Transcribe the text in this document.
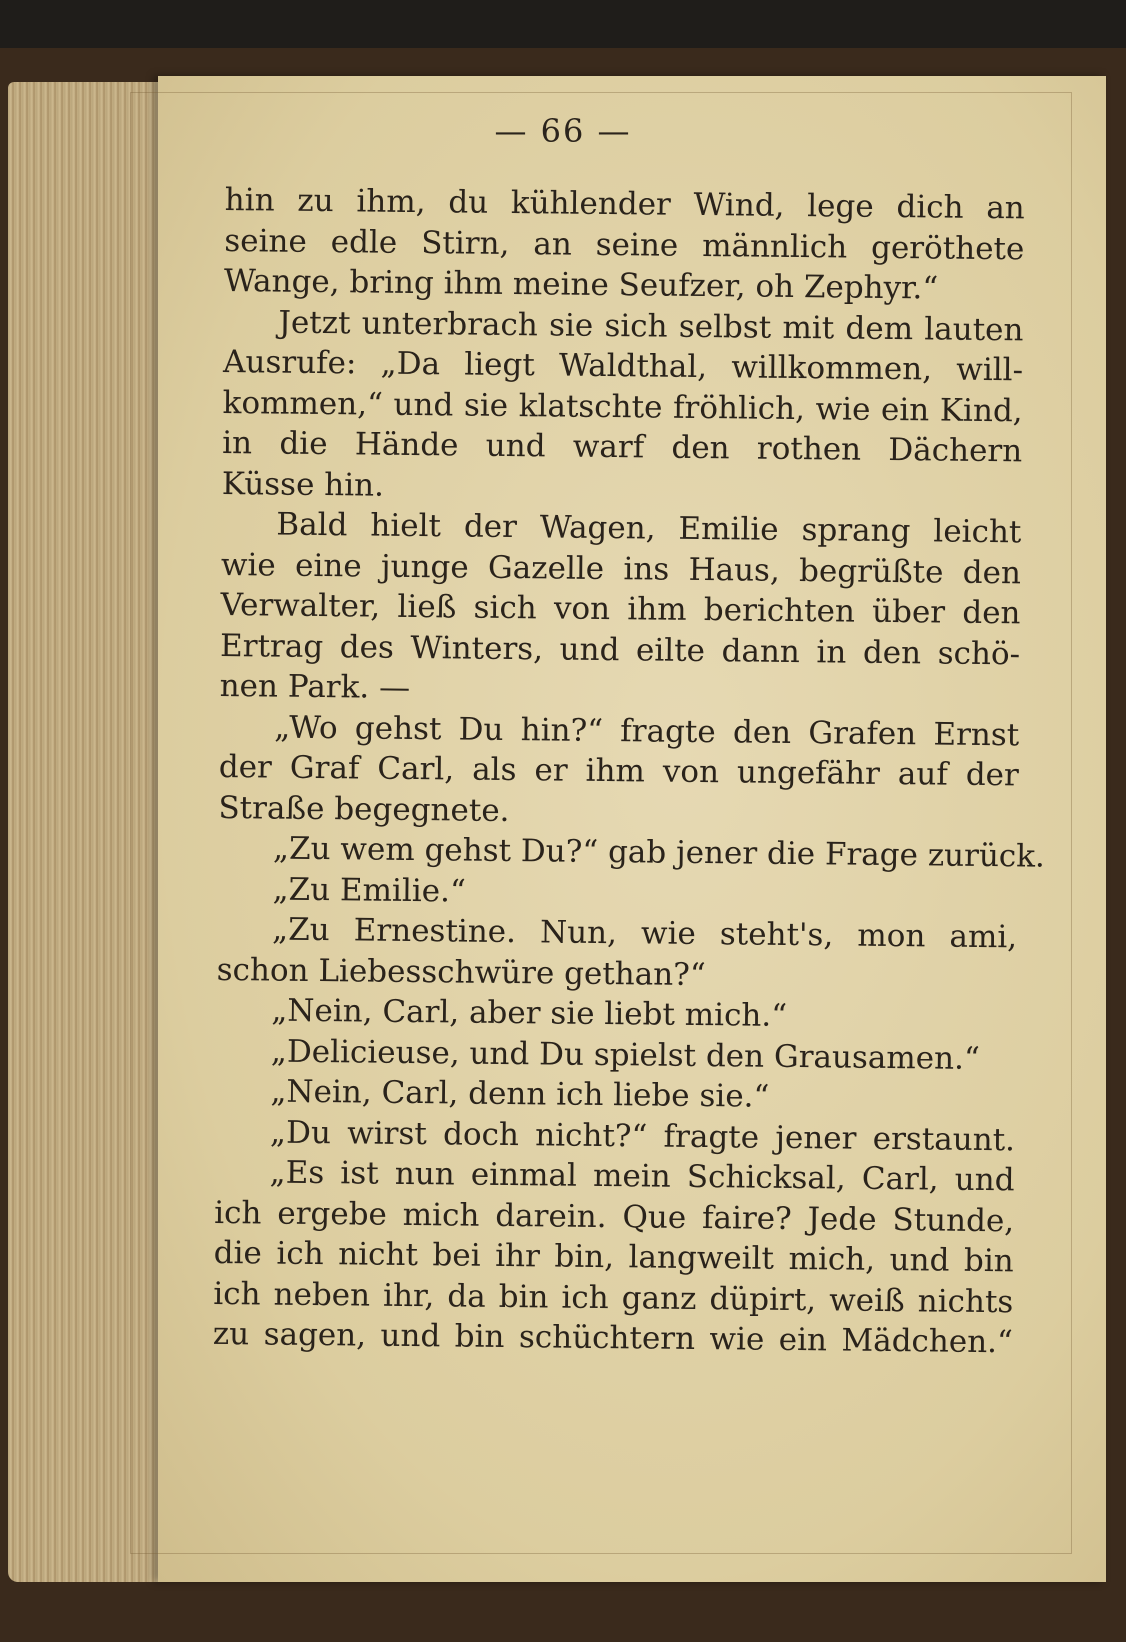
— 66 —
hin zu ihm, du kühlender Wind, lege dich an
seine edle Stirn, an seine männlich geröthete
Wange, bring ihm meine Seufzer, oh Zephyr.“
Jetzt unterbrach sie sich selbst mit dem lauten
Ausrufe: „Da liegt Waldthal, willkommen, will-
kommen,“ und sie klatschte fröhlich, wie ein Kind,
in die Hände und warf den rothen Dächern
Küsse hin.
Bald hielt der Wagen, Emilie sprang leicht
wie eine junge Gazelle ins Haus, begrüßte den
Verwalter, ließ sich von ihm berichten über den
Ertrag des Winters, und eilte dann in den schö-
nen Park. —
„Wo gehst Du hin?“ fragte den Grafen Ernst
der Graf Carl, als er ihm von ungefähr auf der
Straße begegnete.
„Zu wem gehst Du?“ gab jener die Frage zurück.
„Zu Emilie.“
„Zu Ernestine. Nun, wie steht's, mon ami,
schon Liebesschwüre gethan?“
„Nein, Carl, aber sie liebt mich.“
„Delicieuse, und Du spielst den Grausamen.“
„Nein, Carl, denn ich liebe sie.“
„Du wirst doch nicht?“ fragte jener erstaunt.
„Es ist nun einmal mein Schicksal, Carl, und
ich ergebe mich darein. Que faire? Jede Stunde,
die ich nicht bei ihr bin, langweilt mich, und bin
ich neben ihr, da bin ich ganz düpirt, weiß nichts
zu sagen, und bin schüchtern wie ein Mädchen.“
